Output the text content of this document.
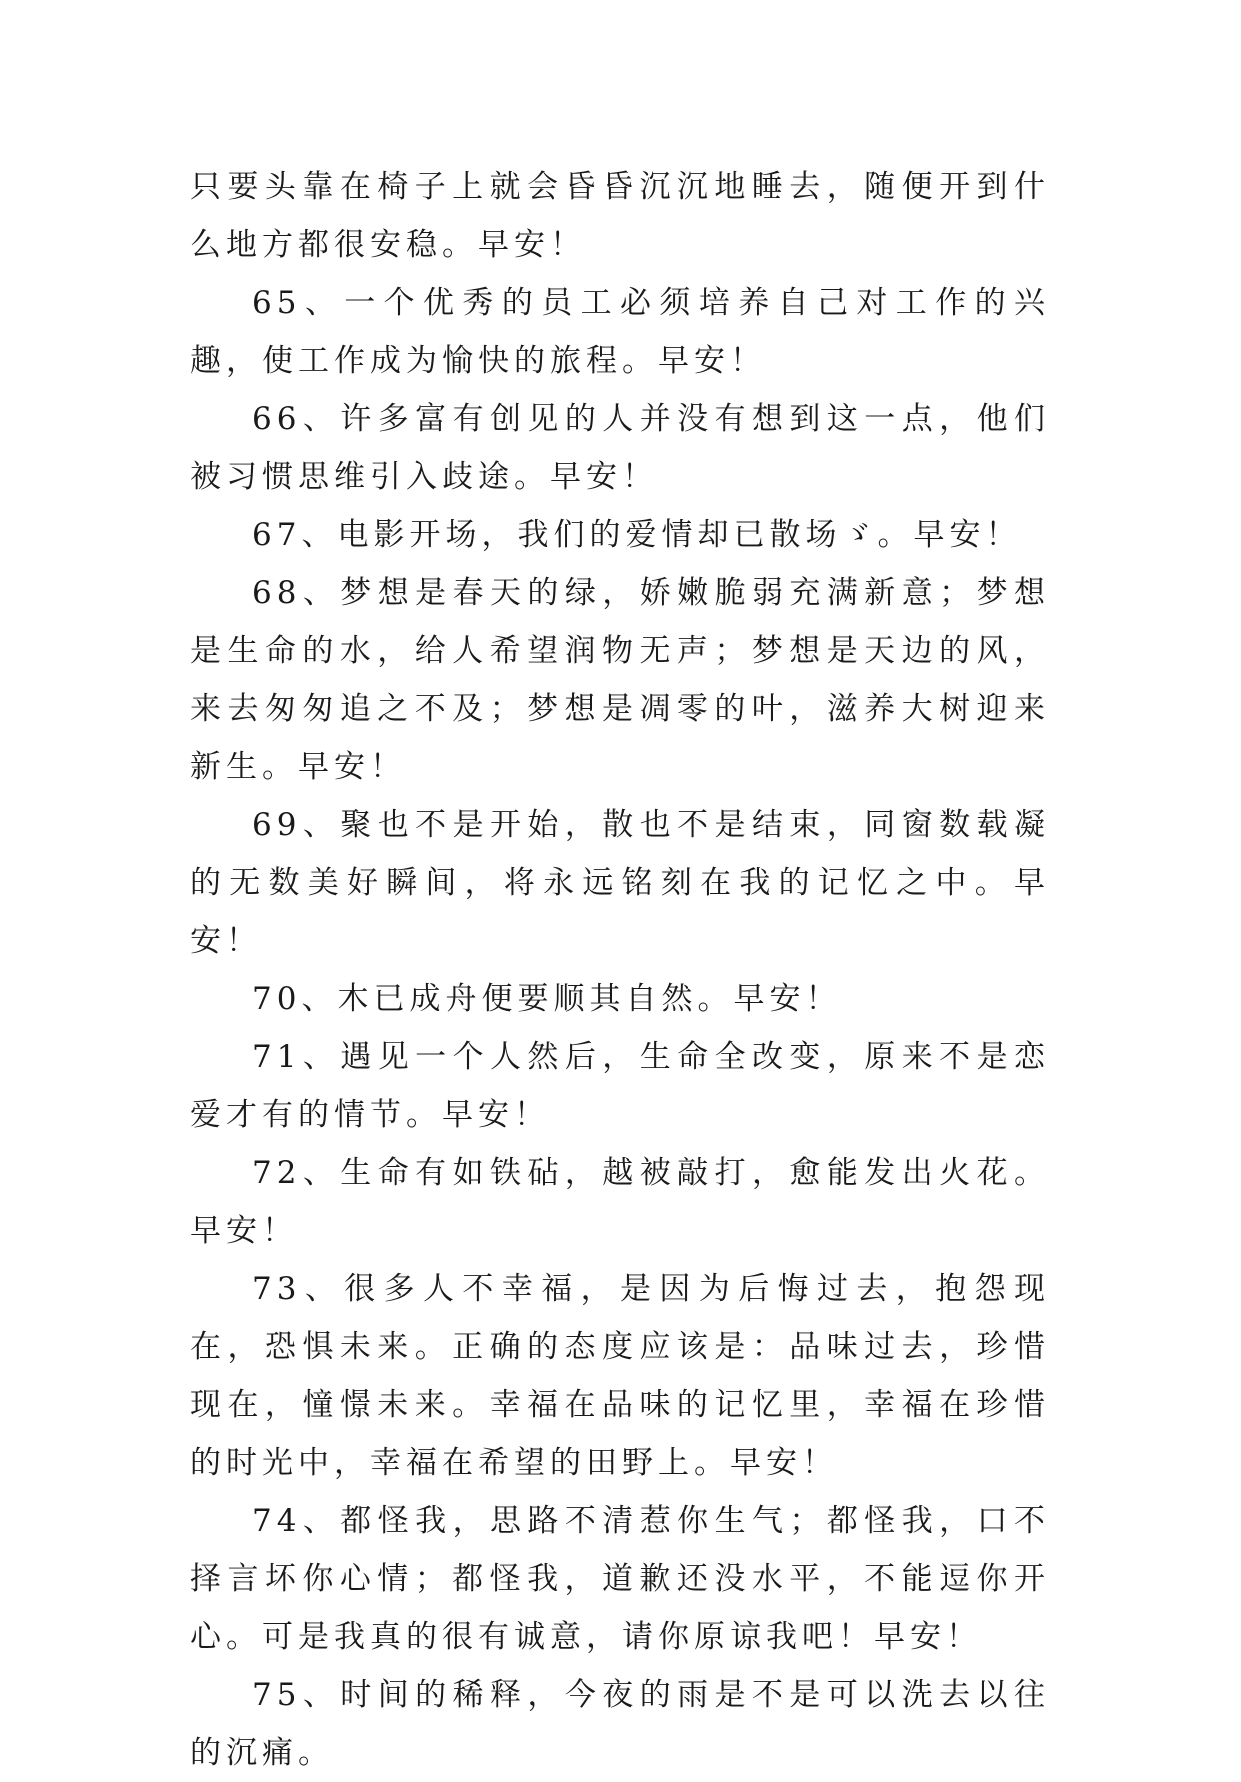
只要头靠在椅子上就会昏昏沉沉地睡去，随便开到什么地方都很安稳。早安！

65、一个优秀的员工必须培养自己对工作的兴趣，使工作成为愉快的旅程。早安！

66、许多富有创见的人并没有想到这一点，他们被习惯思维引入歧途。早安！

67、电影开场，我们的爱情却已散场ゞ。早安！

68、梦想是春天的绿，娇嫩脆弱充满新意；梦想是生命的水，给人希望润物无声；梦想是天边的风，来去匆匆追之不及；梦想是凋零的叶，滋养大树迎来新生。早安！

69、聚也不是开始，散也不是结束，同窗数载凝的无数美好瞬间，将永远铭刻在我的记忆之中。早安！

70、木已成舟便要顺其自然。早安！

71、遇见一个人然后，生命全改变，原来不是恋爱才有的情节。早安！

72、生命有如铁砧，越被敲打，愈能发出火花。早安！

73、很多人不幸福，是因为后悔过去，抱怨现在，恐惧未来。正确的态度应该是：品味过去，珍惜现在，憧憬未来。幸福在品味的记忆里，幸福在珍惜的时光中，幸福在希望的田野上。早安！

74、都怪我，思路不清惹你生气；都怪我，口不择言坏你心情；都怪我，道歉还没水平，不能逗你开心。可是我真的很有诚意，请你原谅我吧！早安！

75、时间的稀释，今夜的雨是不是可以洗去以往的沉痛。
